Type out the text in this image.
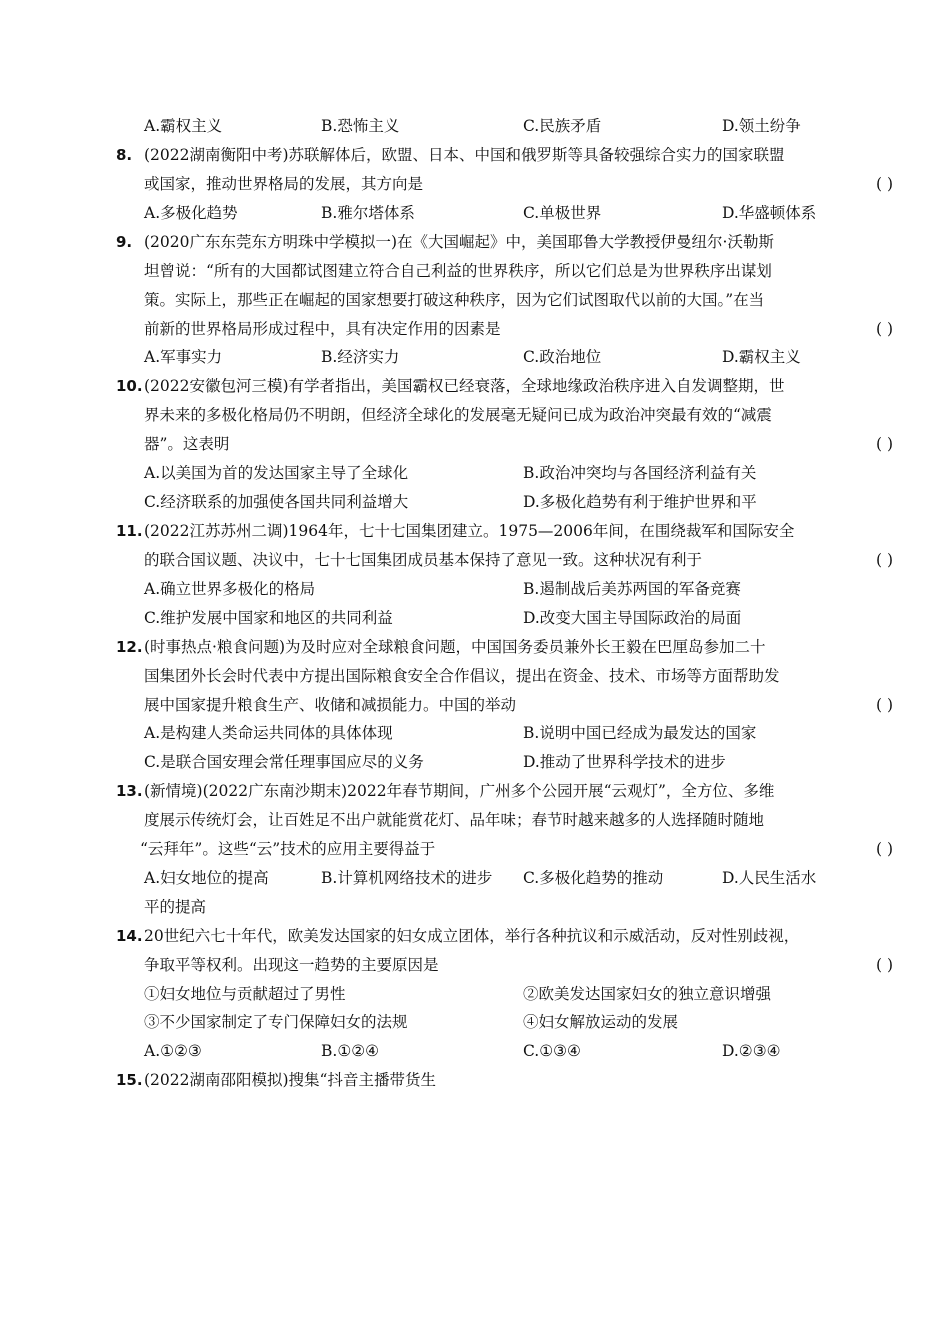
A.霸权主义	B.恐怖主义	C.民族矛盾	D.领土纷争
8. (2022湖南衡阳中考)苏联解体后，欧盟、日本、中国和俄罗斯等具备较强综合实力的国家联盟
或国家，推动世界格局的发展，其方向是	( )
A.多极化趋势	B.雅尔塔体系	C.单极世界	D.华盛顿体系
9. (2020广东东莞东方明珠中学模拟一)在《大国崛起》中，美国耶鲁大学教授伊曼纽尔·沃勒斯
坦曾说：“所有的大国都试图建立符合自己利益的世界秩序，所以它们总是为世界秩序出谋划
策。实际上，那些正在崛起的国家想要打破这种秩序，因为它们试图取代以前的大国。”在当
前新的世界格局形成过程中，具有决定作用的因素是	( )
A.军事实力	B.经济实力	C.政治地位	D.霸权主义
10. (2022安徽包河三模)有学者指出，美国霸权已经衰落，全球地缘政治秩序进入自发调整期，世
界未来的多极化格局仍不明朗，但经济全球化的发展毫无疑问已成为政治冲突最有效的“减震
器”。这表明	( )
A.以美国为首的发达国家主导了全球化	B.政治冲突均与各国经济利益有关
C.经济联系的加强使各国共同利益增大	D.多极化趋势有利于维护世界和平
11. (2022江苏苏州二调)1964年，七十七国集团建立。1975—2006年间，在围绕裁军和国际安全
的联合国议题、决议中，七十七国集团成员基本保持了意见一致。这种状况有利于	( )
A.确立世界多极化的格局	B.遏制战后美苏两国的军备竞赛
C.维护发展中国家和地区的共同利益	D.改变大国主导国际政治的局面
12. (时事热点·粮食问题)为及时应对全球粮食问题，中国国务委员兼外长王毅在巴厘岛参加二十
国集团外长会时代表中方提出国际粮食安全合作倡议，提出在资金、技术、市场等方面帮助发
展中国家提升粮食生产、收储和减损能力。中国的举动	( )
A.是构建人类命运共同体的具体体现	B.说明中国已经成为最发达的国家
C.是联合国安理会常任理事国应尽的义务	D.推动了世界科学技术的进步
13. (新情境)(2022广东南沙期末)2022年春节期间，广州多个公园开展“云观灯”，全方位、多维
度展示传统灯会，让百姓足不出户就能赏花灯、品年味；春节时越来越多的人选择随时随地
“云拜年”。这些“云”技术的应用主要得益于	( )
A.妇女地位的提高	B.计算机网络技术的进步 C.多极化趋势的推动	D.人民生活水
平的提高
14. 20世纪六七十年代，欧美发达国家的妇女成立团体，举行各种抗议和示威活动，反对性别歧视，
争取平等权利。出现这一趋势的主要原因是	( )
①妇女地位与贡献超过了男性	②欧美发达国家妇女的独立意识增强
③不少国家制定了专门保障妇女的法规	④妇女解放运动的发展
A.①②③	B.①②④	C.①③④	D.②③④
15. (2022湖南邵阳模拟)搜集“抖音主播带货生
